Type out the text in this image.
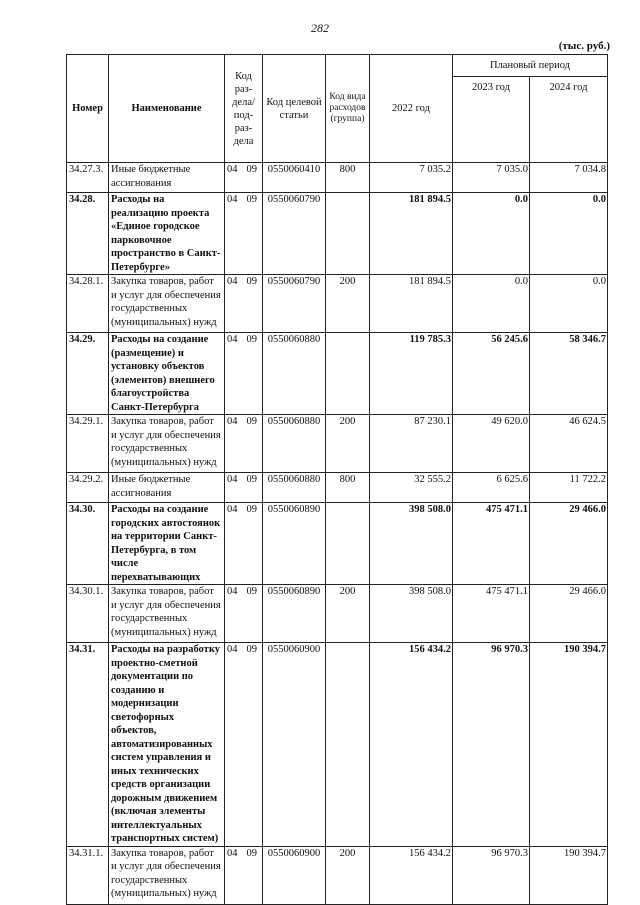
282
(тыс. руб.)
Номер	Наименование	Код раз- дела/ под- раз- дела	Код целевой статьи	Код вида расходов (группа)	2022 год	Плановый период	
						2023 год	2024 год
34.27.3.	Иные бюджетные ассигнования	04 09	0550060410	800	7 035.2	7 035.0	7 034.8
34.28.	Расходы на реализацию проекта «Единое городское парковочное пространство в Санкт-Петербурге»	04 09	0550060790		181 894.5	0.0	0.0
34.28.1.	Закупка товаров, работ и услуг для обеспечения государственных (муниципальных) нужд	04 09	0550060790	200	181 894.5	0.0	0.0
34.29.	Расходы на создание (размещение) и установку объектов (элементов) внешнего благоустройства Санкт-Петербурга	04 09	0550060880		119 785.3	56 245.6	58 346.7
34.29.1.	Закупка товаров, работ и услуг для обеспечения государственных (муниципальных) нужд	04 09	0550060880	200	87 230.1	49 620.0	46 624.5
34.29.2.	Иные бюджетные ассигнования	04 09	0550060880	800	32 555.2	6 625.6	11 722.2
34.30.	Расходы на создание городских автостоянок на территории Санкт-Петербурга, в том числе перехватывающих	04 09	0550060890		398 508.0	475 471.1	29 466.0
34.30.1.	Закупка товаров, работ и услуг для обеспечения государственных (муниципальных) нужд	04 09	0550060890	200	398 508.0	475 471.1	29 466.0
34.31.	Расходы на разработку проектно-сметной документации по созданию и модернизации светофорных объектов, автоматизированных систем управления и иных технических средств организации дорожным движением (включая элементы интеллектуальных транспортных систем)	04 09	0550060900		156 434.2	96 970.3	190 394.7
34.31.1.	Закупка товаров, работ и услуг для обеспечения государственных (муниципальных) нужд	04 09	0550060900	200	156 434.2	96 970.3	190 394.7
